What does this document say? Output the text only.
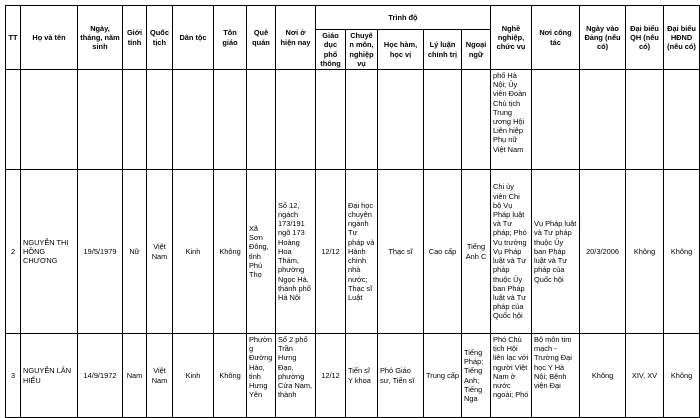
TT	Họ và tên	Ngày, tháng, năm sinh	Giới tính	Quốc tịch	Dân tộc	Tôn giáo	Quê quán	Nơi ở hiện nay	Trình độ					Nghề nghiệp, chức vụ	Nơi công tác	Ngày vào Đảng (nếu có)	Đại biểu QH (nếu có)	Đại biểu HĐND (nếu có)
									Giáo dục phổ thông	Chuyên môn, nghiệp vụ	Học hàm, học vị	Lý luận chính trị	Ngoại ngữ					
														phố Hà Nội; Ủy viên Đoàn Chủ tịch Trung ương Hội Liên hiệp Phụ nữ Việt Nam				
2	NGUYỄN THỊ HỒNG CHƯƠNG	19/5/1979	Nữ	Việt Nam	Kinh	Không	Xã Sơn Đông, tỉnh Phú Thọ	Số 12, ngách 173/191 ngõ 173 Hoàng Hoa Thám, phường Ngọc Hà, thành phố Hà Nội	12/12	Đại học chuyên ngành Tư pháp và Hành chính nhà nước; Thạc sĩ Luật	Thạc sĩ	Cao cấp	Tiếng Anh C	Chi ủy viên Chi bộ Vụ Pháp luật và Tư pháp; Phó Vụ trưởng Vụ Pháp luật và Tư pháp thuộc Ủy ban Pháp luật và Tư pháp của Quốc hội	Vụ Pháp luật và Tư pháp thuộc Ủy ban Pháp luật và Tư pháp của Quốc hội	20/3/2006	Không	Không
3	NGUYỄN LÂN HIẾU	14/9/1972	Nam	Việt Nam	Kinh	Không	Phường Đường Hào, tỉnh Hưng Yên	Số 2 phố Trần Hưng Đạo, phường Cửa Nam, thành	12/12	Tiến sĩ Y khoa	Phó Giáo sư, Tiến sĩ	Trung cấp	Tiếng Pháp; Tiếng Anh; Tiếng Nga	Phó Chủ tịch Hội liên lạc với người Việt Nam ở nước ngoài; Phó	Bộ môn tim mạch - Trường Đại học Y Hà Nội; Bệnh viện Đại	Không	XIV, XV	Không
